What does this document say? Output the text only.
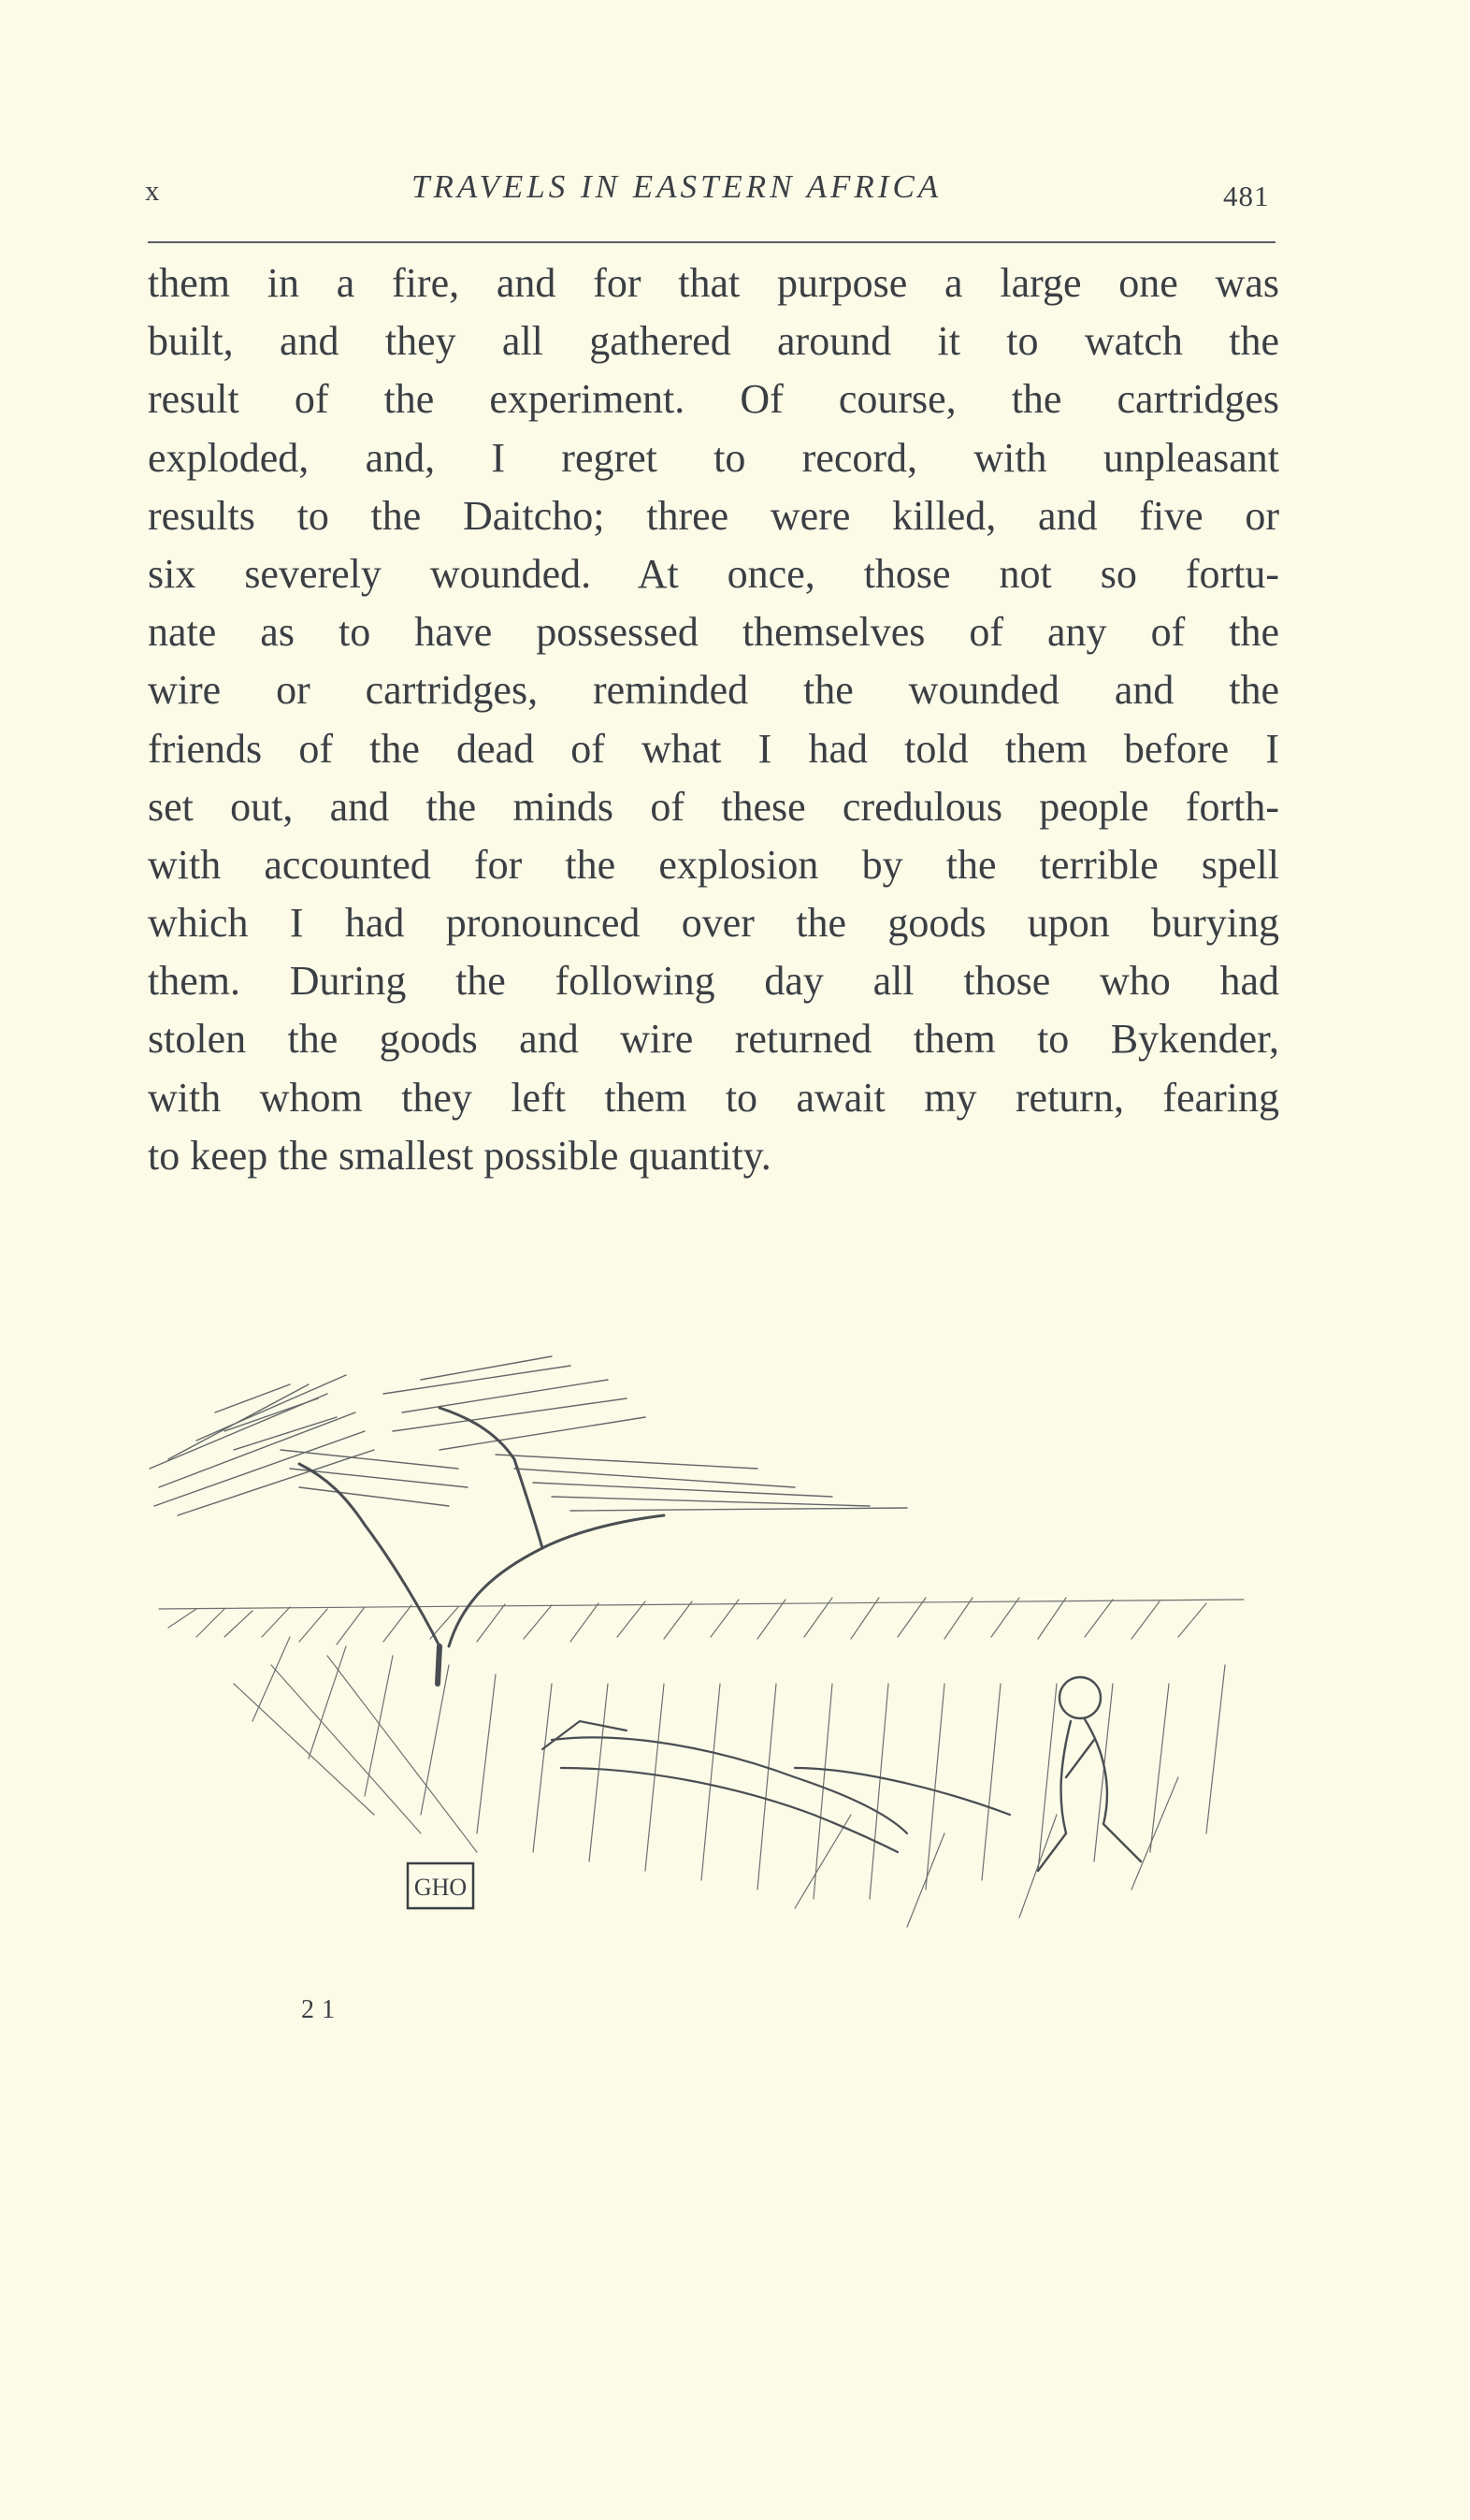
x	TRAVELS IN EASTERN AFRICA	481
them in a fire, and for that purpose a large one was
built, and they all gathered around it to watch the
result of the experiment. Of course, the cartridges
exploded, and, I regret to record, with unpleasant
results to the Daitcho; three were killed, and five or
six severely wounded. At once, those not so fortu-
nate as to have possessed themselves of any of the
wire or cartridges, reminded the wounded and the
friends of the dead of what I had told them before I
set out, and the minds of these credulous people forth-
with accounted for the explosion by the terrible spell
which I had pronounced over the goods upon burying
them. During the following day all those who had
stolen the goods and wire returned them to Bykender,
with whom they left them to await my return, fearing
to keep the smallest possible quantity.
GHO
21
